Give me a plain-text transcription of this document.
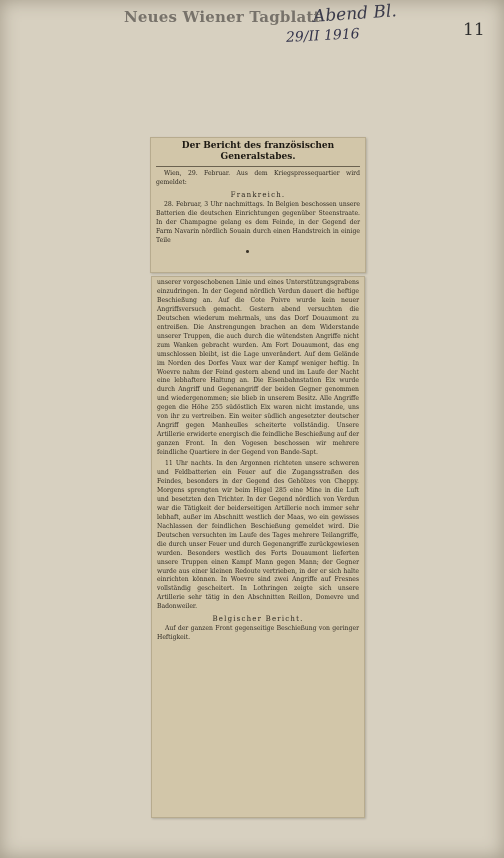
Neues Wiener Tagblatt
Abend Bl.
29/II 1916	11
Der Bericht des französischen Generalstabes.

Wien, 29. Februar. Aus dem Kriegspressequartier wird gemeldet:

Frankreich.

28. Februar, 3 Uhr nachmittags. In Belgien beschossen unsere Batterien die deutschen Einrichtungen gegenüber Steenstraate. In der Champagne gelang es dem Feinde, in der Gegend der Farm Navarin nördlich Souain durch einen Handstreich in einige Teile

unserer vorgeschobenen Linie und eines Unterstützungsgrabens einzudringen. In der Gegend nördlich Verdun dauert die heftige Beschießung an. Auf die Cote Poivre wurde kein neuer Angriffsversuch gemacht. Gestern abend versuchten die Deutschen wiederum mehrmals, uns das Dorf Douaumont zu entreißen. Die Anstrengungen brachen an dem Widerstande unserer Truppen, die auch durch die wütendsten Angriffe nicht zum Wanken gebracht wurden. Am Fort Douaumont, das eng umschlossen bleibt, ist die Lage unverändert. Auf dem Gelände im Norden des Dorfes Vaux war der Kampf weniger heftig. In Woevre nahm der Feind gestern abend und im Laufe der Nacht eine lebhaftere Haltung an. Die Eisenbahnstation Eix wurde durch Angriff und Gegenangriff der beiden Gegner genommen und wiedergenommen; sie blieb in unserem Besitz. Alle Angriffe gegen die Höhe 255 südöstlich Eix waren nicht imstande, uns von ihr zu vertreiben. Ein weiter südlich angesetzter deutscher Angriff gegen Manheulles scheiterte vollständig. Unsere Artillerie erwiderte energisch die feindliche Beschießung auf der ganzen Front. In den Vogesen beschossen wir mehrere feindliche Quartiere in der Gegend von Bande-Sapt.

11 Uhr nachts. In den Argonnen richteten unsere schweren und Feldbatterien ein Feuer auf die Zugangsstraßen des Feindes, besonders in der Gegend des Gehölzes von Cheppy. Morgens sprengten wir beim Hügel 285 eine Mine in die Luft und besetzten den Trichter. In der Gegend nördlich von Verdun war die Tätigkeit der beiderseitigen Artillerie noch immer sehr lebhaft, außer im Abschnitt westlich der Maas, wo ein gewisses Nachlassen der feindlichen Beschießung gemeldet wird. Die Deutschen versuchten im Laufe des Tages mehrere Teilangriffe, die durch unser Feuer und durch Gegenangriffe zurückgewiesen wurden. Besonders westlich des Forts Douaumont lieferten unsere Truppen einen Kampf Mann gegen Mann; der Gegner wurde aus einer kleinen Redoute vertrieben, in der er sich halte einrichten können. In Woevre sind zwei Angriffe auf Fresnes vollständig gescheitert. In Lothringen zeigte sich unsere Artillerie sehr tätig in den Abschnitten Reillon, Domevre und Badonweiler.

Belgischer Bericht.

Auf der ganzen Front gegenseitige Beschießung von geringer Heftigkeit.
